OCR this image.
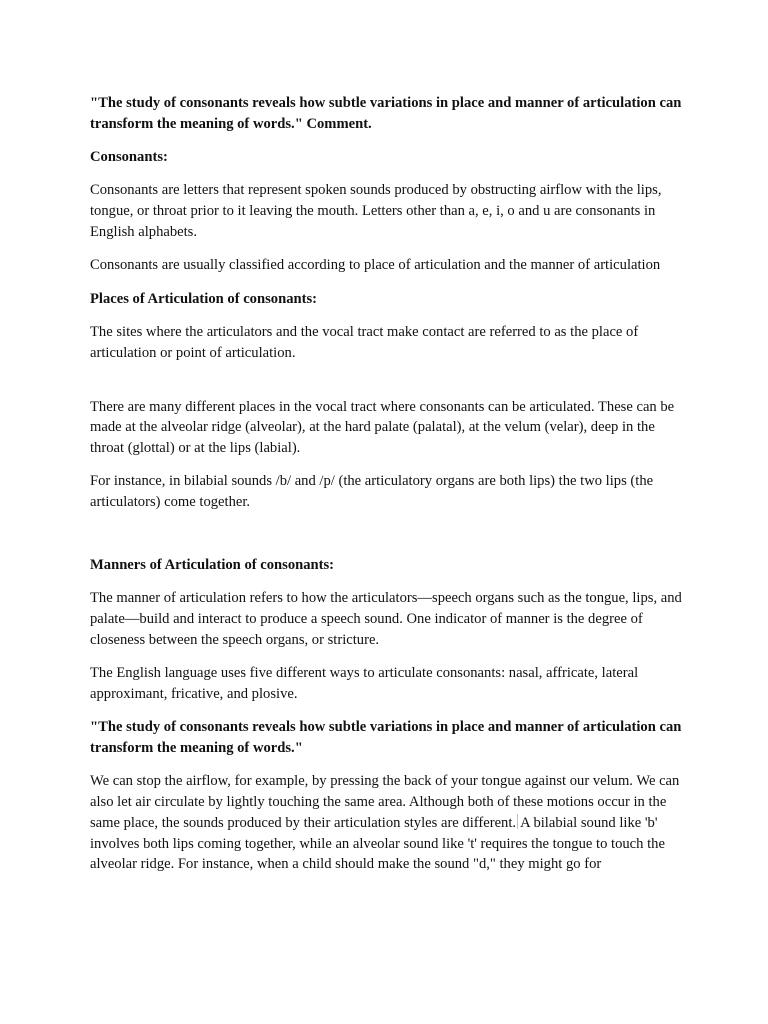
"The study of consonants reveals how subtle variations in place and manner of articulation can transform the meaning of words." Comment.

Consonants:

Consonants are letters that represent spoken sounds produced by obstructing airflow with the lips, tongue, or throat prior to it leaving the mouth. Letters other than a, e, i, o and u are consonants in English alphabets.

Consonants are usually classified according to place of articulation and the manner of articulation

Places of Articulation of consonants:

The sites where the articulators and the vocal tract make contact are referred to as the place of articulation or point of articulation.

There are many different places in the vocal tract where consonants can be articulated. These can be made at the alveolar ridge (alveolar), at the hard palate (palatal), at the velum (velar), deep in the throat (glottal) or at the lips (labial).

For instance, in bilabial sounds /b/ and /p/ (the articulatory organs are both lips) the two lips (the articulators) come together.

Manners of Articulation of consonants:

The manner of articulation refers to how the articulators—speech organs such as the tongue, lips, and palate—build and interact to produce a speech sound. One indicator of manner is the degree of closeness between the speech organs, or stricture.

The English language uses five different ways to articulate consonants: nasal, affricate, lateral approximant, fricative, and plosive.

"The study of consonants reveals how subtle variations in place and manner of articulation can transform the meaning of words."

We can stop the airflow, for example, by pressing the back of your tongue against our velum. We can also let air circulate by lightly touching the same area. Although both of these motions occur in the same place, the sounds produced by their articulation styles are different. A bilabial sound like 'b' involves both lips coming together, while an alveolar sound like 't' requires the tongue to touch the alveolar ridge. For instance, when a child should make the sound "d," they might go for
